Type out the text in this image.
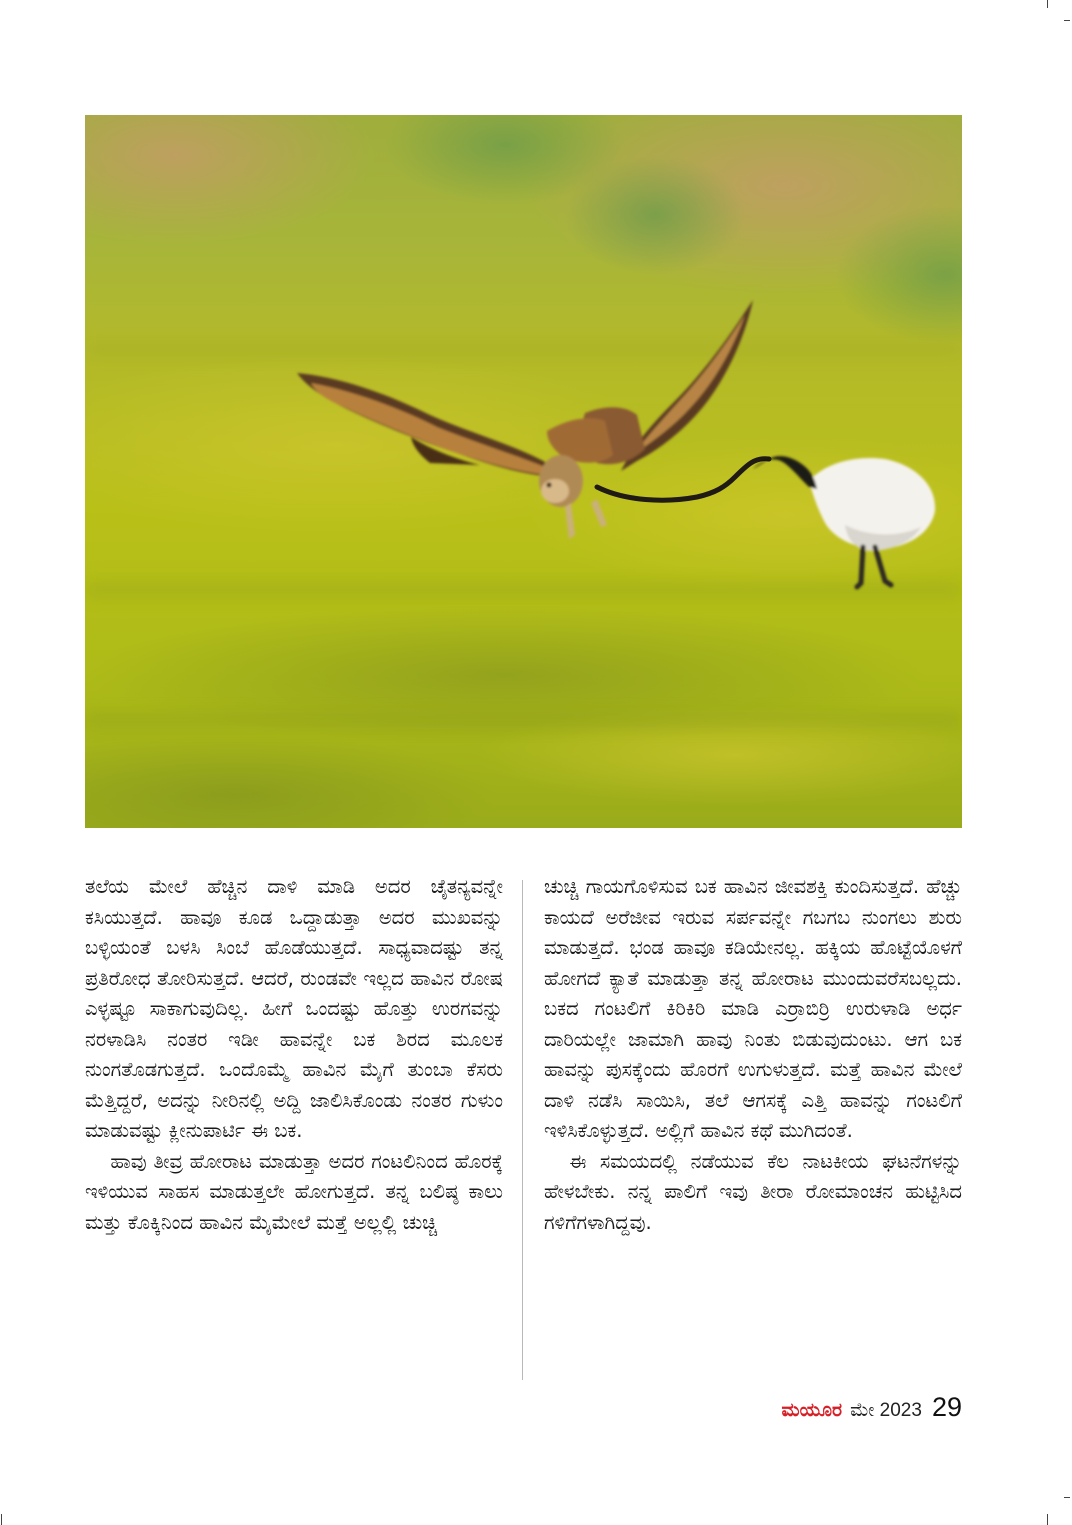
ತಲೆಯ ಮೇಲೆ ಹೆಚ್ಚಿನ ದಾಳಿ ಮಾಡಿ ಅದರ ಚೈತನ್ಯವನ್ನೇ ಕಸಿಯುತ್ತದೆ. ಹಾವೂ ಕೂಡ ಒದ್ದಾಡುತ್ತಾ ಅದರ ಮುಖವನ್ನು ಬಳ್ಳಿಯಂತೆ ಬಳಸಿ ಸಿಂಬೆ ಹೊಡೆಯುತ್ತದೆ. ಸಾಧ್ಯವಾದಷ್ಟು ತನ್ನ ಪ್ರತಿರೋಧ ತೋರಿಸುತ್ತದೆ. ಆದರೆ, ರುಂಡವೇ ಇಲ್ಲದ ಹಾವಿನ ರೋಷ ಎಳ್ಳಷ್ಟೂ ಸಾಕಾಗುವುದಿಲ್ಲ. ಹೀಗೆ ಒಂದಷ್ಟು ಹೊತ್ತು ಉರಗವನ್ನು ನರಳಾಡಿಸಿ ನಂತರ ಇಡೀ ಹಾವನ್ನೇ ಬಕ ಶಿರದ ಮೂಲಕ ನುಂಗತೊಡಗುತ್ತದೆ. ಒಂದೊಮ್ಮೆ ಹಾವಿನ ಮೈಗೆ ತುಂಬಾ ಕೆಸರು ಮೆತ್ತಿದ್ದರೆ, ಅದನ್ನು ನೀರಿನಲ್ಲಿ ಅದ್ದಿ ಜಾಲಿಸಿಕೊಂಡು ನಂತರ ಗುಳುಂ ಮಾಡುವಷ್ಟು ಕ್ಲೀನುಪಾರ್ಟಿ ಈ ಬಕ.

ಹಾವು ತೀವ್ರ ಹೋರಾಟ ಮಾಡುತ್ತಾ ಅದರ ಗಂಟಲಿನಿಂದ ಹೊರಕ್ಕೆ ಇಳಿಯುವ ಸಾಹಸ ಮಾಡುತ್ತಲೇ ಹೋಗುತ್ತದೆ. ತನ್ನ ಬಲಿಷ್ಠ ಕಾಲು ಮತ್ತು ಕೊಕ್ಕಿನಿಂದ ಹಾವಿನ ಮೈಮೇಲೆ ಮತ್ತೆ ಅಲ್ಲಲ್ಲಿ ಚುಚ್ಚಿ

ಚುಚ್ಚಿ ಗಾಯಗೊಳಿಸುವ ಬಕ ಹಾವಿನ ಜೀವಶಕ್ತಿ ಕುಂದಿಸುತ್ತದೆ. ಹೆಚ್ಚು ಕಾಯದೆ ಅರೆಜೀವ ಇರುವ ಸರ್ಪವನ್ನೇ ಗಬಗಬ ನುಂಗಲು ಶುರು ಮಾಡುತ್ತದೆ. ಭಂಡ ಹಾವೂ ಕಡಿಯೇನಲ್ಲ. ಹಕ್ಕಿಯ ಹೊಟ್ಟೆಯೊಳಗೆ ಹೋಗದೆ ಕ್ಯಾತೆ ಮಾಡುತ್ತಾ ತನ್ನ ಹೋರಾಟ ಮುಂದುವರೆಸಬಲ್ಲದು. ಬಕದ ಗಂಟಲಿಗೆ ಕಿರಿಕಿರಿ ಮಾಡಿ ಎರ್ರಾಬಿರ್ರಿ ಉರುಳಾಡಿ ಅರ್ಧ ದಾರಿಯಲ್ಲೇ ಜಾಮಾಗಿ ಹಾವು ನಿಂತು ಬಿಡುವುದುಂಟು. ಆಗ ಬಕ ಹಾವನ್ನು ಪುಸಕ್ಕೆಂದು ಹೊರಗೆ ಉಗುಳುತ್ತದೆ. ಮತ್ತೆ ಹಾವಿನ ಮೇಲೆ ದಾಳಿ ನಡೆಸಿ ಸಾಯಿಸಿ, ತಲೆ ಆಗಸಕ್ಕೆ ಎತ್ತಿ ಹಾವನ್ನು ಗಂಟಲಿಗೆ ಇಳಿಸಿಕೊಳ್ಳುತ್ತದೆ. ಅಲ್ಲಿಗೆ ಹಾವಿನ ಕಥೆ ಮುಗಿದಂತೆ.

ಈ ಸಮಯದಲ್ಲಿ ನಡೆಯುವ ಕೆಲ ನಾಟಕೀಯ ಘಟನೆಗಳನ್ನು ಹೇಳಬೇಕು. ನನ್ನ ಪಾಲಿಗೆ ಇವು ತೀರಾ ರೋಮಾಂಚನ ಹುಟ್ಟಿಸಿದ ಗಳಿಗೆಗಳಾಗಿದ್ದವು.

ಮಯೂರ ಮೇ 2023 29
